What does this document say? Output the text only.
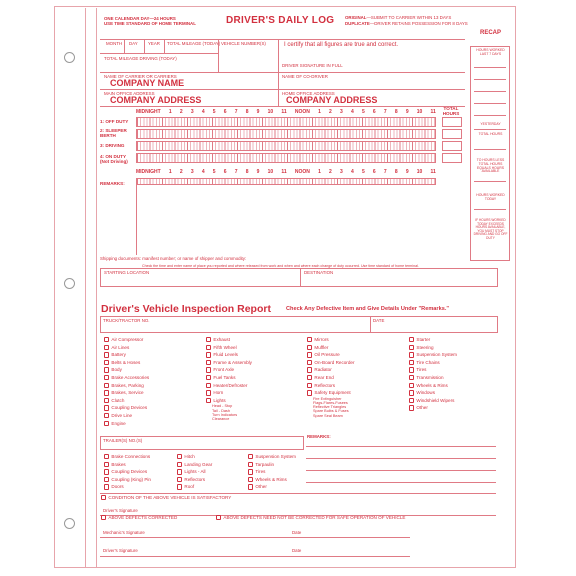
ONE CALENDAR DAY—24 HOURS
USE TIME STANDARD OF HOME TERMINAL	DRIVER'S DAILY LOG ORIGINAL—SUBMIT TO CARRIER WITHIN 13 DAYS
DUPLICATE—DRIVER RETAINS POSSESSION FOR 8 DAYS
RECAP
MONTH DAY YEAR TOTAL MILEAGE (TODAY) VEHICLE NUMBER(S)	I certify that all figures are true and correct.
TOTAL MILEAGE DRIVING (TODAY)
DRIVER SIGNATURE IN FULL
NAME OF CARRIER OR CARRIERS
COMPANY NAME
NAME OF CO-DRIVER
MAIN OFFICE ADDRESS
COMPANY ADDRESS
HOME OFFICE ADDRESS
COMPANY ADDRESS
TOTAL HOURS
MIDNIGHT 1 2 3 4 5 6 7 8 9 10 11 NOON 1 2 3 4 5 6 7 8 9 10 11
1: OFF DUTY
2: SLEEPER BERTH
3: DRIVING
4: ON DUTY (Not Driving)
MIDNIGHT 1 2 3 4 5 6 7 8 9 10 11 NOON 1 2 3 4 5 6 7 8 9 10 11
REMARKS:
Shipping documents: manifest number; or name of shipper and commodity:
Check the time and enter name of place you reported and where released from work and when and where each change of duty occurred. Use time standard of home terminal.
STARTING LOCATION	DESTINATION
HOURS WORKED LAST 7 DAYS
YESTERDAY
TOTAL HOURS
TO HOURS LESS TOTAL HOURS EQUALS HOURS AVAILABLE
HOURS WORKED TODAY
IF HOURS WORKED TODAY EXCEEDS HOURS AVAILABLE, YOU MUST STOP DRIVING AND GO OFF DUTY
Driver's Vehicle Inspection Report	Check Any Defective Item and Give Details Under "Remarks."
TRUCK/TRACTOR NO.	DATE
Air Compressor
Air Lines
Battery
Belts & Hoses
Body
Brake Accessories
Brakes, Parking
Brakes, Service
Clutch
Coupling Devices
Drive Line
Engine
Exhaust
Fifth Wheel
Fluid Levels
Frame & Assembly
Front Axle
Fuel Tanks
Heater/Defroster
Horn
Lights
Head - Stop
Tail - Dash
Turn Indicators
Clearance
Mirrors
Muffler
Oil Pressure
On-Board Recorder
Radiator
Rear End
Reflectors
Safety Equipment
Fire Extinguisher
Flags-Flares-Fusees
Reflective Triangles
Spare Bulbs & Fuses
Spare Seal Beam
Starter
Steering
Suspension System
Tire Chains
Tires
Transmission
Wheels & Rims
Windows
Windshield Wipers
Other
TRAILER(S) NO.(S)
REMARKS:
Brake Connections
Brakes
Coupling Devices
Coupling (King) Pin
Doors
Hitch
Landing Gear
Lights - All
Reflectors
Roof
Suspension System
Tarpaulin
Tires
Wheels & Rims
Other
CONDITION OF THE ABOVE VEHICLE IS SATISFACTORY
Driver's Signature
ABOVE DEFECTS CORRECTED	ABOVE DEFECTS NEED NOT BE CORRECTED FOR SAFE OPERATION OF VEHICLE
Mechanic's Signature	Date
Driver's Signature	Date
